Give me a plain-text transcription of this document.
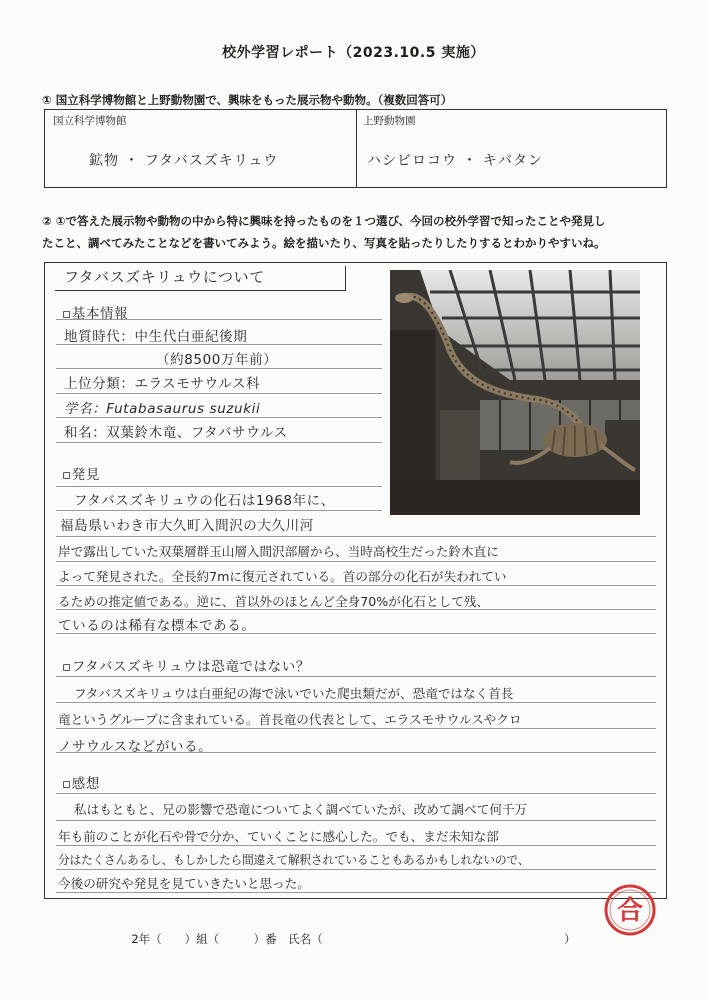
校外学習レポート（2023.10.5 実施）
① 国立科学博物館と上野動物園で、興味をもった展示物や動物。（複数回答可）
国立科学博物館	上野動物園
鉱物 ・ フタバスズキリュウ	ハシビロコウ ・ キバタン
② ①で答えた展示物や動物の中から特に興味を持ったものを１つ選び、今回の校外学習で知ったことや発見し
たこと、調べてみたことなどを書いてみよう。絵を描いたり、写真を貼ったりしたりするとわかりやすいね。
フタバスズキリュウについて
▫基本情報
地質時代：中生代白亜紀後期
（約8500万年前）
上位分類：エラスモサウルス科
学名：Futabasaurus suzukii
和名：双葉鈴木竜、フタバサウルス
▫発見
フタバスズキリュウの化石は1968年に、
福島県いわき市大久町入間沢の大久川河
岸で露出していた双葉層群玉山層入間沢部層から、当時高校生だった鈴木直に
よって発見された。全長約7mに復元されている。首の部分の化石が失われてい
るための推定値である。逆に、首以外のほとんど全身70%が化石として残、
ているのは稀有な標本である。
▫フタバスズキリュウは恐竜ではない？
フタバスズキリュウは白亜紀の海で泳いでいた爬虫類だが、恐竜ではなく首長
竜というグループに含まれている。首長竜の代表として、エラスモサウルスやクロ
ノサウルスなどがいる。
▫感想
私はもともと、兄の影響で恐竜についてよく調べていたが、改めて調べて何千万
年も前のことが化石や骨で分か、ていくことに感心した。でも、まだ未知な部
分はたくさんあるし、もしかしたら間違えて解釈されていることもあるかもしれないので、
今後の研究や発見を見ていきたいと思った。
2年（　　）組（　　　）番　氏名（　　　　　　　　　　　　　　　　　　　　　）
合
